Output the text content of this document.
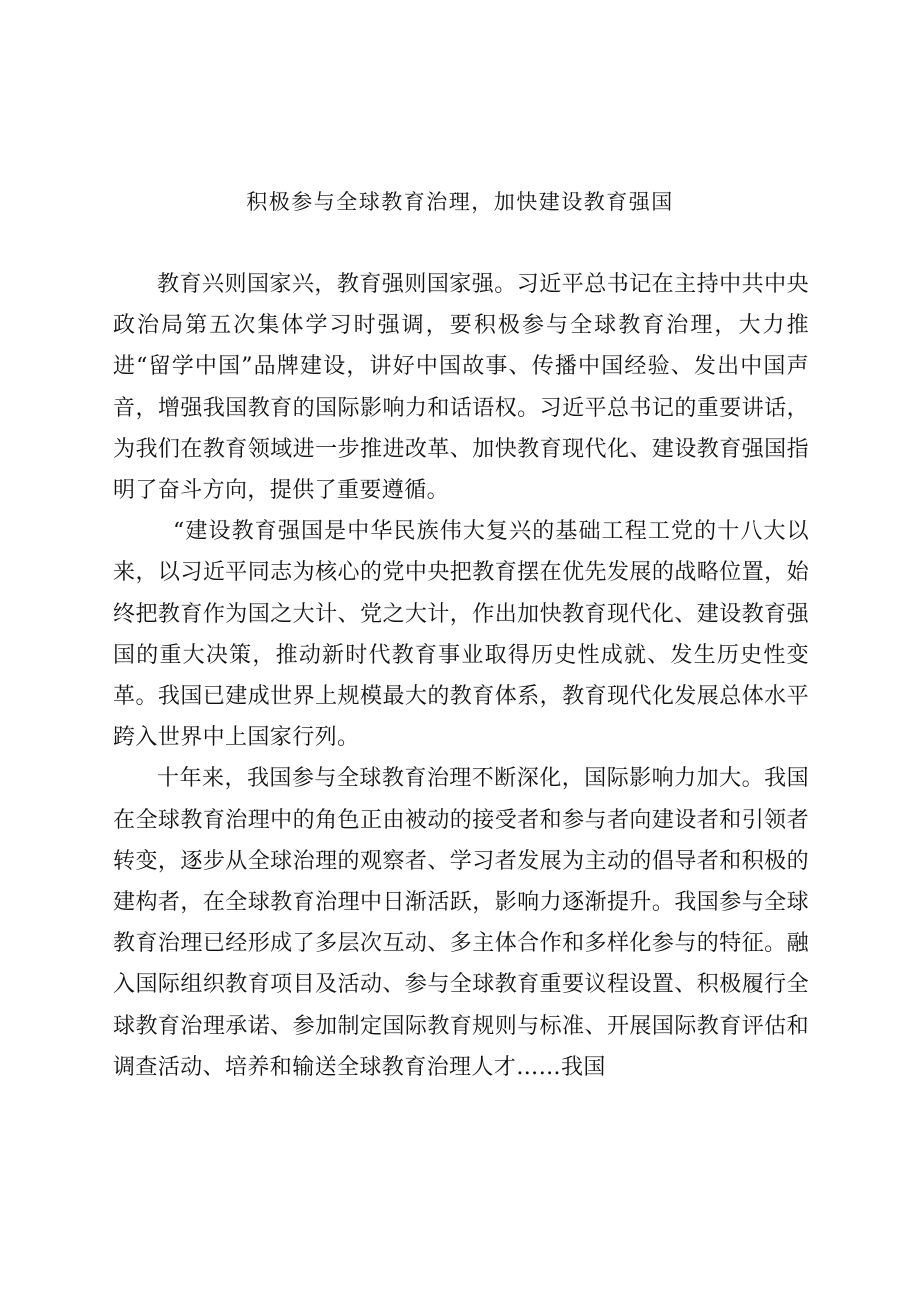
积极参与全球教育治理，加快建设教育强国

教育兴则国家兴，教育强则国家强。习近平总书记在主持中共中央政治局第五次集体学习时强调，要积极参与全球教育治理，大力推进“留学中国”品牌建设，讲好中国故事、传播中国经验、发出中国声音，增强我国教育的国际影响力和话语权。习近平总书记的重要讲话，为我们在教育领域进一步推进改革、加快教育现代化、建设教育强国指明了奋斗方向，提供了重要遵循。

“建设教育强国是中华民族伟大复兴的基础工程工党的十八大以来，以习近平同志为核心的党中央把教育摆在优先发展的战略位置，始终把教育作为国之大计、党之大计，作出加快教育现代化、建设教育强国的重大决策，推动新时代教育事业取得历史性成就、发生历史性变革。我国已建成世界上规模最大的教育体系，教育现代化发展总体水平跨入世界中上国家行列。

十年来，我国参与全球教育治理不断深化，国际影响力加大。我国在全球教育治理中的角色正由被动的接受者和参与者向建设者和引领者转变，逐步从全球治理的观察者、学习者发展为主动的倡导者和积极的建构者，在全球教育治理中日渐活跃，影响力逐渐提升。我国参与全球教育治理已经形成了多层次互动、多主体合作和多样化参与的特征。融入国际组织教育项目及活动、参与全球教育重要议程设置、积极履行全球教育治理承诺、参加制定国际教育规则与标准、开展国际教育评估和调查活动、培养和输送全球教育治理人才……我国
